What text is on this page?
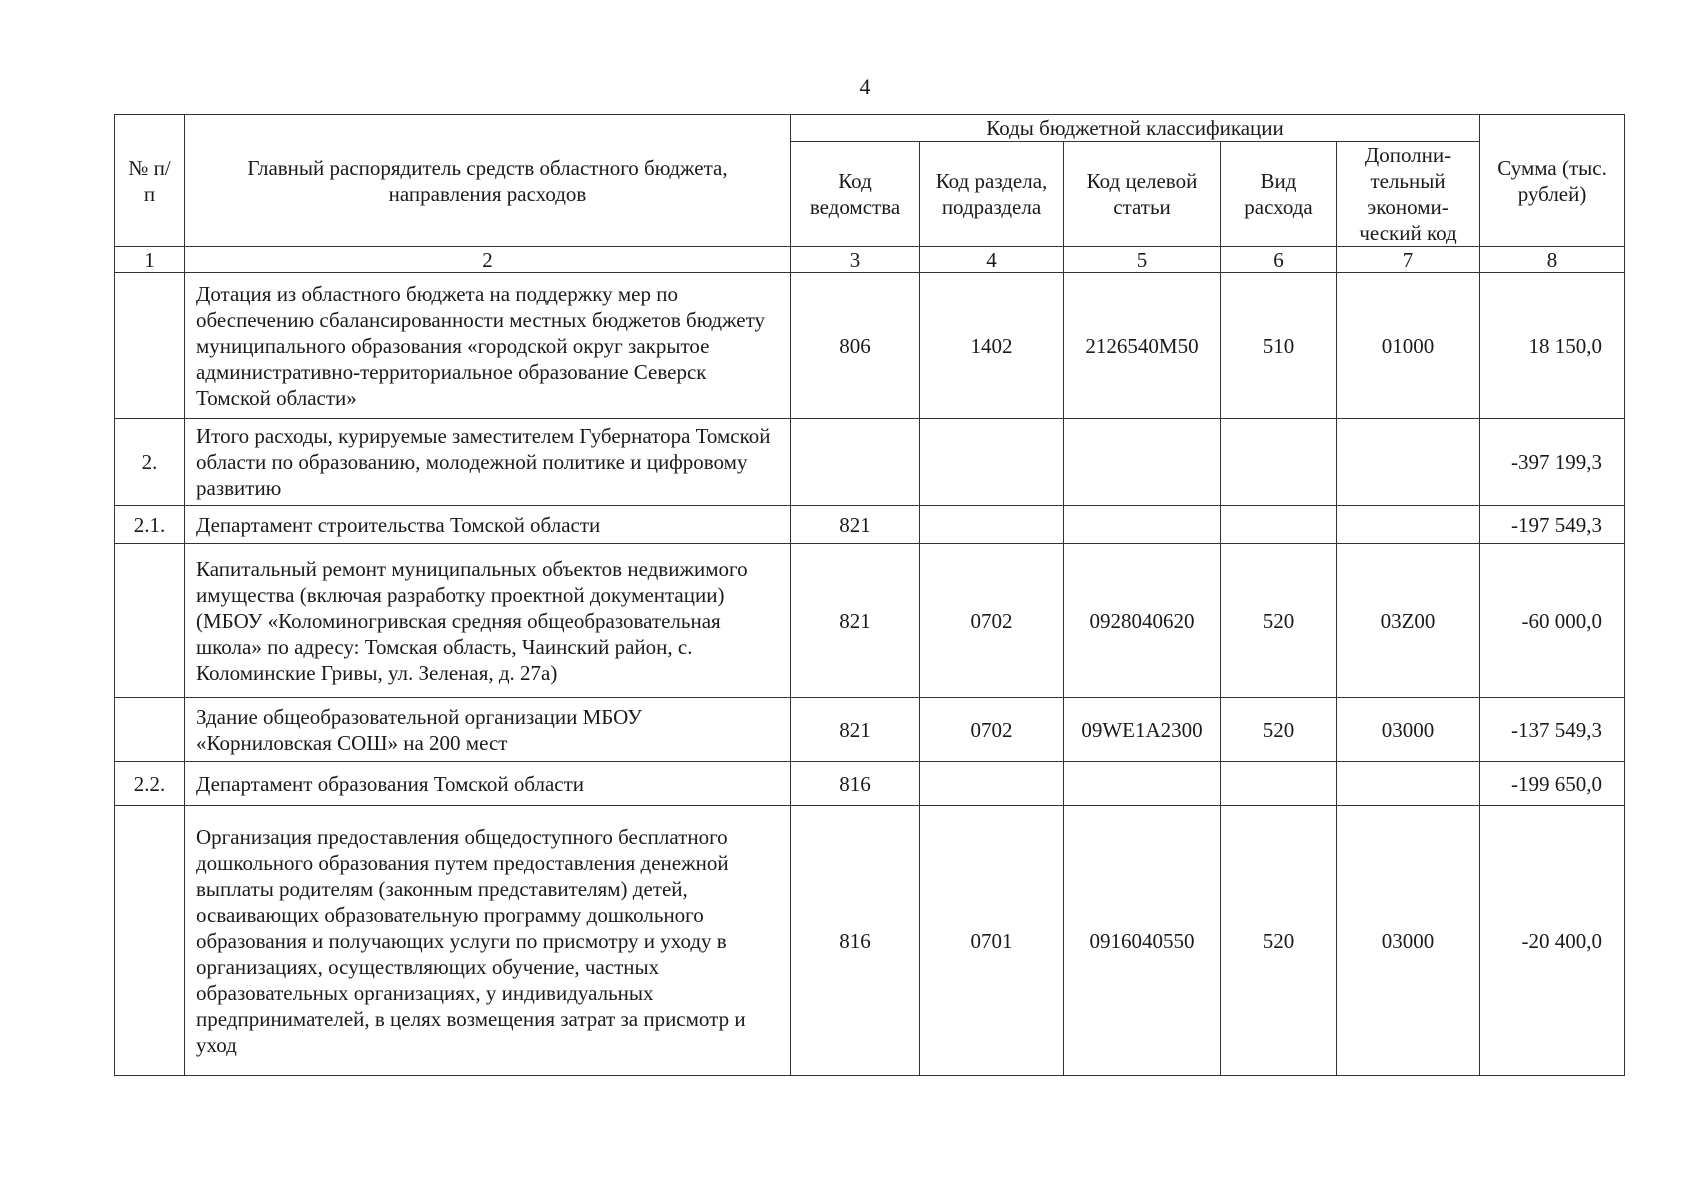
4
№ п/п	Главный распорядитель средств областного бюджета, направления расходов	Коды бюджетной классификации					Сумма (тыс. рублей)
		Код ведомства	Код раздела, подраздела	Код целевой статьи	Вид расхода	Дополни-тельный экономи-ческий код	
1	2	3	4	5	6	7	8
	Дотация из областного бюджета на поддержку мер по обеспечению сбалансированности местных бюджетов бюджету муниципального образования «городской округ закрытое административно-территориальное образование Северск Томской области»	806	1402	2126540M50	510	01000	18 150,0
2.	Итого расходы, курируемые заместителем Губернатора Томской области по образованию, молодежной политике и цифровому развитию						-397 199,3
2.1.	Департамент строительства Томской области	821					-197 549,3
	Капитальный ремонт муниципальных объектов недвижимого имущества (включая разработку проектной документации) (МБОУ «Коломиногривская средняя общеобразовательная школа» по адресу: Томская область, Чаинский район, с. Коломинские Гривы, ул. Зеленая, д. 27а)	821	0702	0928040620	520	03Z00	-60 000,0
	Здание общеобразовательной организации МБОУ «Корниловская СОШ» на 200 мест	821	0702	09WE1A2300	520	03000	-137 549,3
2.2.	Департамент образования Томской области	816					-199 650,0
	Организация предоставления общедоступного бесплатного дошкольного образования путем предоставления денежной выплаты родителям (законным представителям) детей, осваивающих образовательную программу дошкольного образования и получающих услуги по присмотру и уходу в организациях, осуществляющих обучение, частных образовательных организациях, у индивидуальных предпринимателей, в целях возмещения затрат за присмотр и уход	816	0701	0916040550	520	03000	-20 400,0
